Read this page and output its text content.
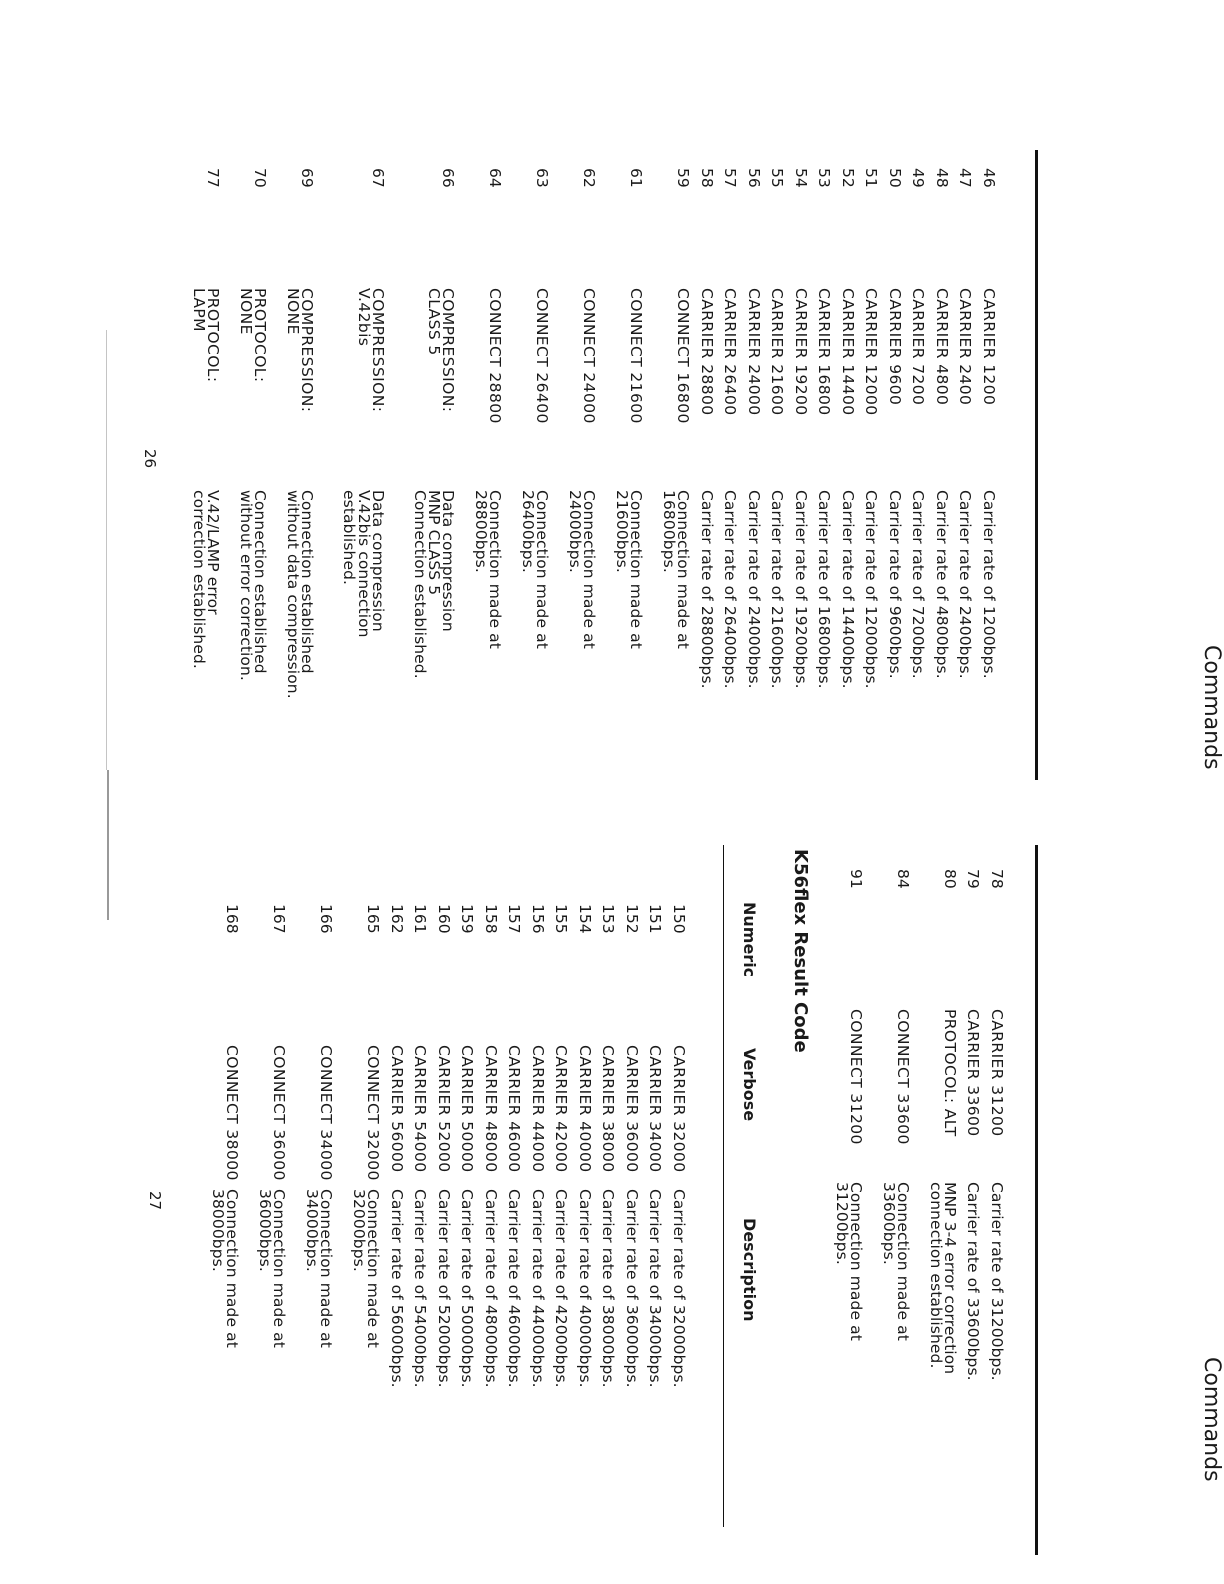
Commands
46
CARRIER 1200
Carrier rate of 1200bps.
47
CARRIER 2400
Carrier rate of 2400bps.
48
CARRIER 4800
Carrier rate of 4800bps.
49
CARRIER 7200
Carrier rate of 7200bps.
50
CARRIER 9600
Carrier rate of 9600bps.
51
CARRIER 12000
Carrier rate of 12000bps.
52
CARRIER 14400
Carrier rate of 14400bps.
53
CARRIER 16800
Carrier rate of 16800bps.
54
CARRIER 19200
Carrier rate of 19200bps.
55
CARRIER 21600
Carrier rate of 21600bps.
56
CARRIER 24000
Carrier rate of 24000bps.
57
CARRIER 26400
Carrier rate of 26400bps.
58
CARRIER 28800
Carrier rate of 28800bps.
59
CONNECT 16800
Connection made at
16800bps.
61
CONNECT 21600
Connection made at
21600bps.
62
CONNECT 24000
Connection made at
24000bps.
63
CONNECT 26400
Connection made at
26400bps.
64
CONNECT 28800
Connection made at
28800bps.
66
COMPRESSION:
CLASS 5
Data compression
MNP CLASS 5
Connection established.
67
COMPRESSION:
V.42bis
Data compression
V.42bis connection
established.
69
COMPRESSION:
NONE
Connection established
without data compression.
70
PROTOCOL:
NONE
Connection established
without error correction.
77
PROTOCOL:
LAPM
V.42/LAMP error
correction established.
26
Commands
78
CARRIER 31200
Carrier rate of 31200bps.
79
CARRIER 33600
Carrier rate of 33600bps.
80
PROTOCOL: ALT
MNP 3-4 error correction
connection established.
84
CONNECT 33600
Connection made at
33600bps.
91
CONNECT 31200
Connection made at
31200bps.
K56flex Result Code
Numeric
Verbose
Description
150
CARRIER 32000
Carrier rate of 32000bps.
151
CARRIER 34000
Carrier rate of 34000bps.
152
CARRIER 36000
Carrier rate of 36000bps.
153
CARRIER 38000
Carrier rate of 38000bps.
154
CARRIER 40000
Carrier rate of 40000bps.
155
CARRIER 42000
Carrier rate of 42000bps.
156
CARRIER 44000
Carrier rate of 44000bps.
157
CARRIER 46000
Carrier rate of 46000bps.
158
CARRIER 48000
Carrier rate of 48000bps.
159
CARRIER 50000
Carrier rate of 50000bps.
160
CARRIER 52000
Carrier rate of 52000bps.
161
CARRIER 54000
Carrier rate of 54000bps.
162
CARRIER 56000
Carrier rate of 56000bps.
165
CONNECT 32000
Connection made at
32000bps.
166
CONNECT 34000
Connection made at
34000bps.
167
CONNECT 36000
Connection made at
36000bps.
168
CONNECT 38000
Connection made at
38000bps.
27
